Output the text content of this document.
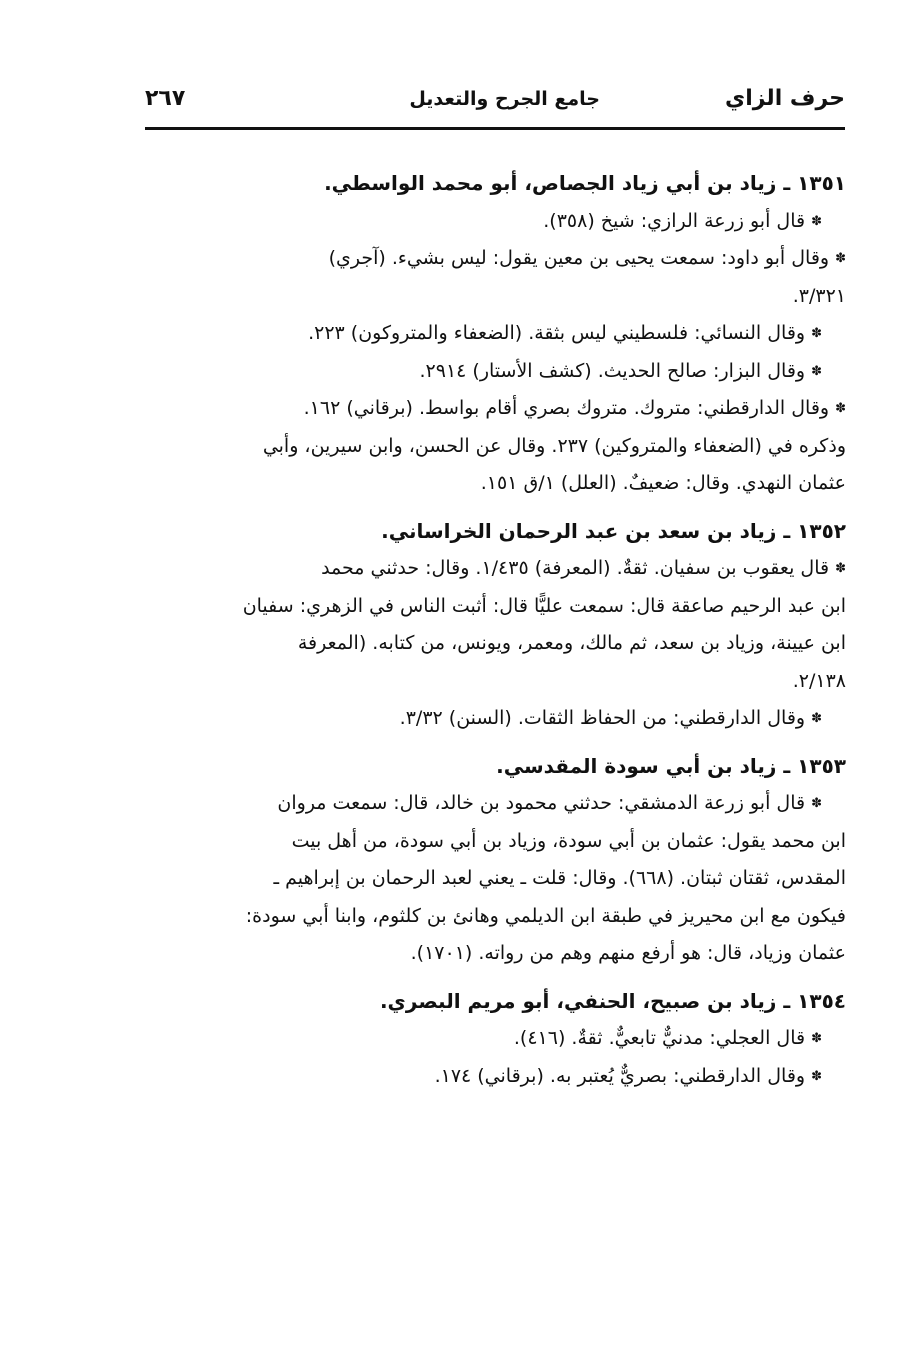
حرف الزاي
جامع الجرح والتعديل
٢٦٧
١٣٥١ ـ زياد بن أبي زياد الجصاص، أبو محمد الواسطي.
✽ قال أبو زرعة الرازي: شيخ (٣٥٨).
✽ وقال أبو داود: سمعت يحيى بن معين يقول: ليس بشيء. (آجري)
٣/٣٢١.
✽ وقال النسائي: فلسطيني ليس بثقة. (الضعفاء والمتروكون) ٢٢٣.
✽ وقال البزار: صالح الحديث. (كشف الأستار) ٢٩١٤.
✽ وقال الدارقطني: متروك. متروك بصري أقام بواسط. (برقاني) ١٦٢.
وذكره في (الضعفاء والمتروكين) ٢٣٧. وقال عن الحسن، وابن سيرين، وأبي
عثمان النهدي. وقال: ضعيفٌ. (العلل) ١/ق ١٥١.
١٣٥٢ ـ زياد بن سعد بن عبد الرحمان الخراساني.
✽ قال يعقوب بن سفيان. ثقةٌ. (المعرفة) ١/٤٣٥. وقال: حدثني محمد
ابن عبد الرحيم صاعقة قال: سمعت عليًّا قال: أثبت الناس في الزهري: سفيان
ابن عيينة، وزياد بن سعد، ثم مالك، ومعمر، ويونس، من كتابه. (المعرفة
٢/١٣٨.
✽ وقال الدارقطني: من الحفاظ الثقات. (السنن) ٣/٣٢.
١٣٥٣ ـ زياد بن أبي سودة المقدسي.
✽ قال أبو زرعة الدمشقي: حدثني محمود بن خالد، قال: سمعت مروان
ابن محمد يقول: عثمان بن أبي سودة، وزياد بن أبي سودة، من أهل بيت
المقدس، ثقتان ثبتان. (٦٦٨). وقال: قلت ـ يعني لعبد الرحمان بن إبراهيم ـ
فيكون مع ابن محيريز في طبقة ابن الديلمي وهانئ بن كلثوم، وابنا أبي سودة:
عثمان وزياد، قال: هو أرفع منهم وهم من رواته. (١٧٠١).
١٣٥٤ ـ زياد بن صبيح، الحنفي، أبو مريم البصري.
✽ قال العجلي: مدنيٌّ تابعيٌّ. ثقةٌ. (٤١٦).
✽ وقال الدارقطني: بصريٌّ يُعتبر به. (برقاني) ١٧٤.
